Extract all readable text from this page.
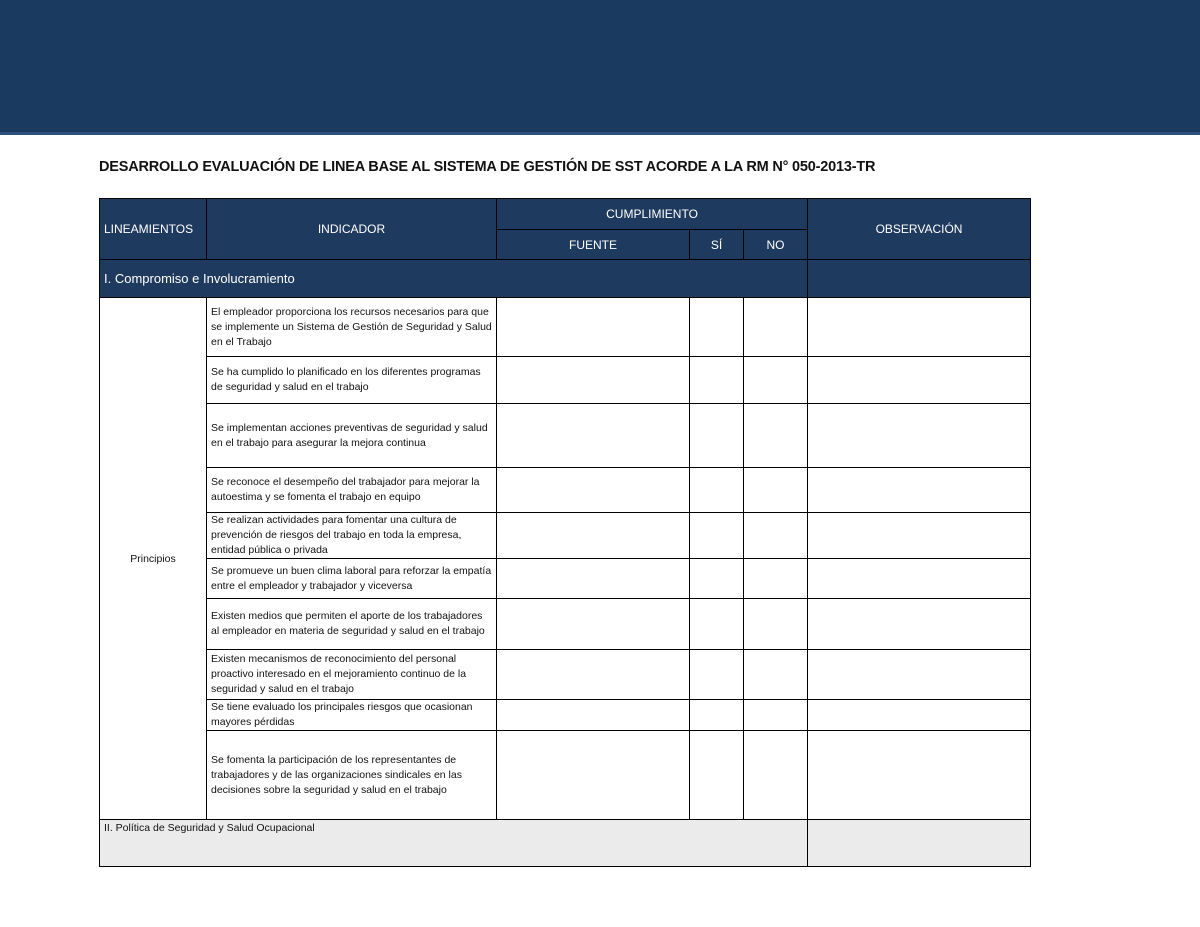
DESARROLLO EVALUACIÓN DE LINEA BASE AL SISTEMA DE GESTIÓN DE SST ACORDE A LA RM N° 050-2013-TR
LINEAMIENTOS	INDICADOR	CUMPLIMIENTO			OBSERVACIÓN
		FUENTE	SÍ	NO	
I. Compromiso e Involucramiento					
Principios	El empleador proporciona los recursos necesarios para que se implemente un Sistema de Gestión de Seguridad y Salud en el Trabajo				
	Se ha cumplido lo planificado en los diferentes programas de seguridad y salud en el trabajo				
	Se implementan acciones preventivas de seguridad y salud en el trabajo para asegurar la mejora continua				
	Se reconoce el desempeño del trabajador para mejorar la autoestima y se fomenta el trabajo en equipo				
	Se realizan actividades para fomentar una cultura de prevención de riesgos del trabajo en toda la empresa, entidad pública o privada				
	Se promueve un buen clima laboral para reforzar la empatía entre el empleador y trabajador y viceversa				
	Existen medios que permiten el aporte de los trabajadores al empleador en materia de seguridad y salud en el trabajo				
	Existen mecanismos de reconocimiento del personal proactivo interesado en el mejoramiento continuo de la seguridad y salud en el trabajo				
	Se tiene evaluado los principales riesgos que ocasionan mayores pérdidas				
	Se fomenta la participación de los representantes de trabajadores y de las organizaciones sindicales en las decisiones sobre la seguridad y salud en el trabajo				
II. Política de Seguridad y Salud Ocupacional					
